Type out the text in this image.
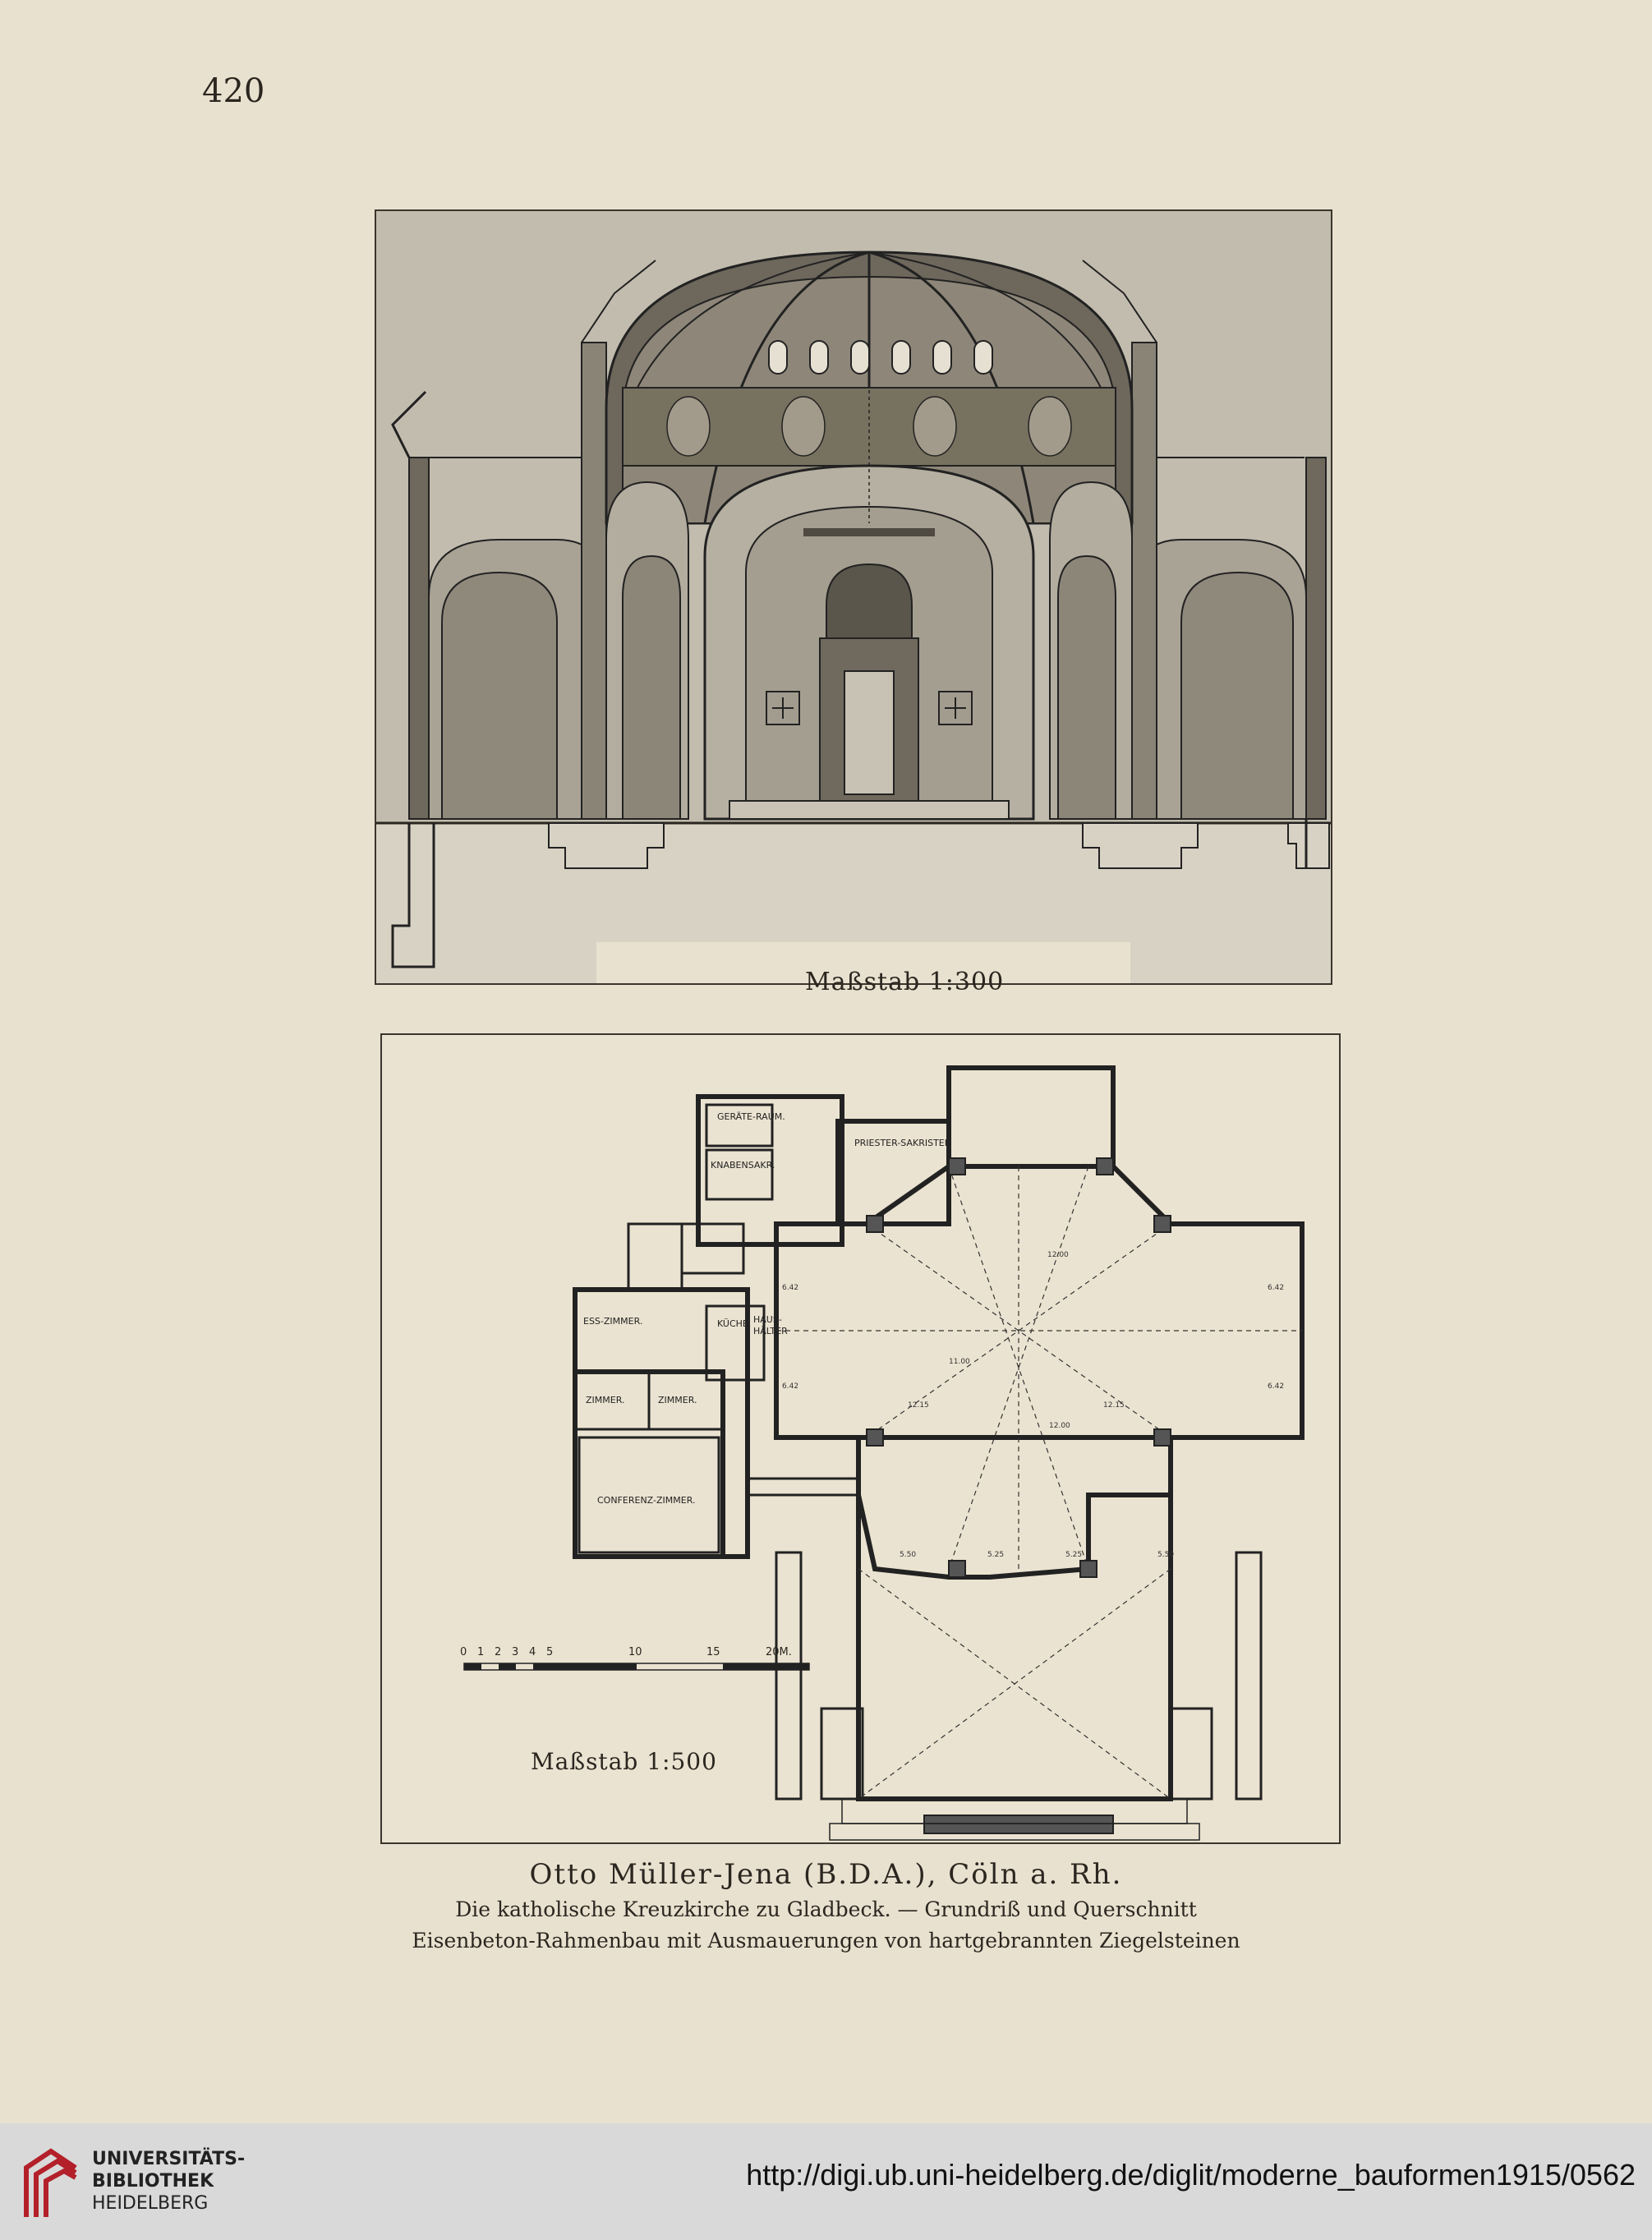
420
Maßstab 1:300
GERÄTE-RAUM.
PRIESTER-SAKRISTEI.
KNABENSAKR.
ESS-ZIMMER.	KÜCHE. HAUS-
HÄLTER
ZIMMER.	ZIMMER.
CONFERENZ-ZIMMER.
12.00
6.42	6.42
11.00
6.42	6.42
12.15	12.15
12.00
5.50	5.25	5.25	5.50
0 1 2 3 4 5	10	15	20M.
Maßstab 1:500
Otto Müller-Jena (B.D.A.), Cöln a. Rh.
Die katholische Kreuzkirche zu Gladbeck. — Grundriß und Querschnitt
Eisenbeton-Rahmenbau mit Ausmauerungen von hartgebrannten Ziegelsteinen
UNIVERSITÄTS-
BIBLIOTHEK
HEIDELBERG
http://digi.ub.uni-heidelberg.de/diglit/moderne_bauformen1915/0562
